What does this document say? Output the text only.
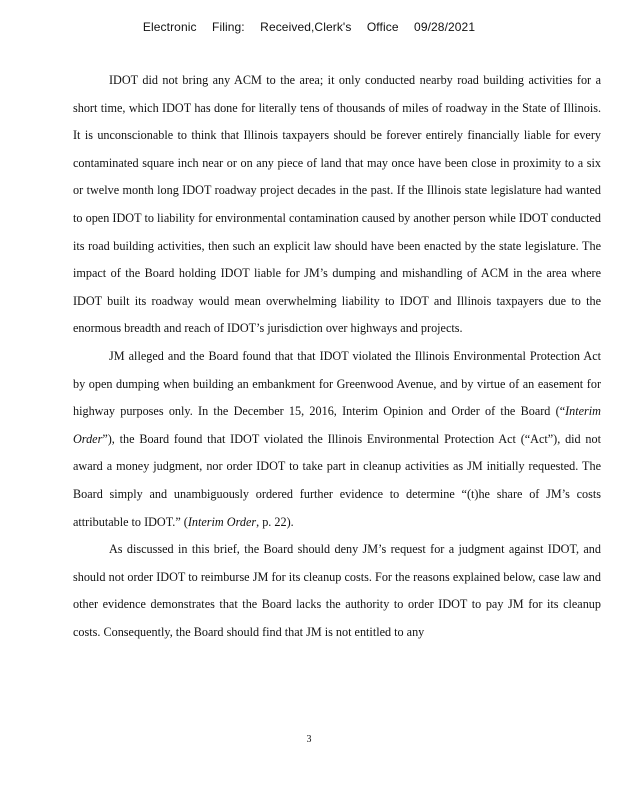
Electronic Filing: Received,Clerk's Office 09/28/2021

IDOT did not bring any ACM to the area; it only conducted nearby road building activities for a short time, which IDOT has done for literally tens of thousands of miles of roadway in the State of Illinois. It is unconscionable to think that Illinois taxpayers should be forever entirely financially liable for every contaminated square inch near or on any piece of land that may once have been close in proximity to a six or twelve month long IDOT roadway project decades in the past. If the Illinois state legislature had wanted to open IDOT to liability for environmental contamination caused by another person while IDOT conducted its road building activities, then such an explicit law should have been enacted by the state legislature. The impact of the Board holding IDOT liable for JM’s dumping and mishandling of ACM in the area where IDOT built its roadway would mean overwhelming liability to IDOT and Illinois taxpayers due to the enormous breadth and reach of IDOT’s jurisdiction over highways and projects.

JM alleged and the Board found that that IDOT violated the Illinois Environmental Protection Act by open dumping when building an embankment for Greenwood Avenue, and by virtue of an easement for highway purposes only. In the December 15, 2016, Interim Opinion and Order of the Board (“Interim Order”), the Board found that IDOT violated the Illinois Environmental Protection Act (“Act”), did not award a money judgment, nor order IDOT to take part in cleanup activities as JM initially requested. The Board simply and unambiguously ordered further evidence to determine “(t)he share of JM’s costs attributable to IDOT.” (Interim Order, p. 22).

As discussed in this brief, the Board should deny JM’s request for a judgment against IDOT, and should not order IDOT to reimburse JM for its cleanup costs. For the reasons explained below, case law and other evidence demonstrates that the Board lacks the authority to order IDOT to pay JM for its cleanup costs. Consequently, the Board should find that JM is not entitled to any

3
